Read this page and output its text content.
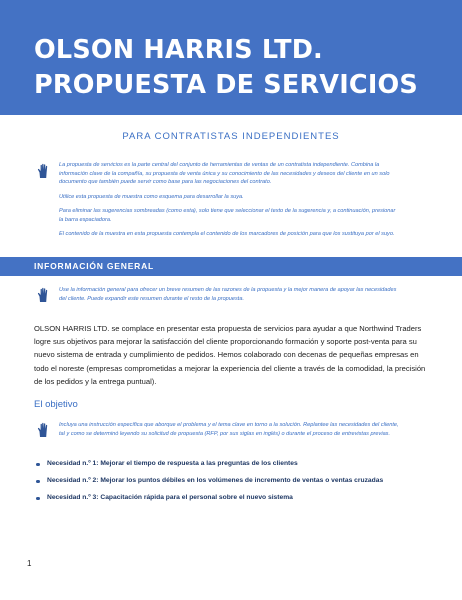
OLSON HARRIS LTD.
PROPUESTA DE SERVICIOS
PARA CONTRATISTAS INDEPENDIENTES

La propuesta de servicios es la parte central del conjunto de herramientas de ventas de un contratista independiente. Combina la información clave de la compañía, su propuesta de venta única y su conocimiento de las necesidades y deseos del cliente en un solo documento que también puede servir como base para las negociaciones del contrato.

Utilice esta propuesta de muestra como esquema para desarrollar la suya.

Para eliminar las sugerencias sombreadas (como esta), solo tiene que seleccionar el texto de la sugerencia y, a continuación, presionar la barra espaciadora.

El contenido de la muestra en esta propuesta contempla el contenido de los marcadores de posición para que los sustituya por el suyo.

INFORMACIÓN GENERAL

Use la información general para ofrecer un breve resumen de las razones de la propuesta y la mejor manera de apoyar las necesidades del cliente. Puede expandir este resumen durante el resto de la propuesta.

OLSON HARRIS LTD. se complace en presentar esta propuesta de servicios para ayudar a que Northwind Traders logre sus objetivos para mejorar la satisfacción del cliente proporcionando formación y soporte post-venta para su nuevo sistema de entrada y cumplimiento de pedidos. Hemos colaborado con decenas de pequeñas empresas en todo el noreste (empresas comprometidas a mejorar la experiencia del cliente a través de la comodidad, la precisión de los pedidos y la entrega puntual).

El objetivo

Incluya una instrucción específica que aborque el problema y el tema clave en torno a la solución. Replantee las necesidades del cliente, tal y como se determinó leyendo su solicitud de propuesta (RFP, por sus siglas en inglés) o durante el proceso de entrevistas previas.

Necesidad n.º 1: Mejorar el tiempo de respuesta a las preguntas de los clientes
Necesidad n.º 2: Mejorar los puntos débiles en los volúmenes de incremento de ventas o ventas cruzadas
Necesidad n.º 3: Capacitación rápida para el personal sobre el nuevo sistema
1
